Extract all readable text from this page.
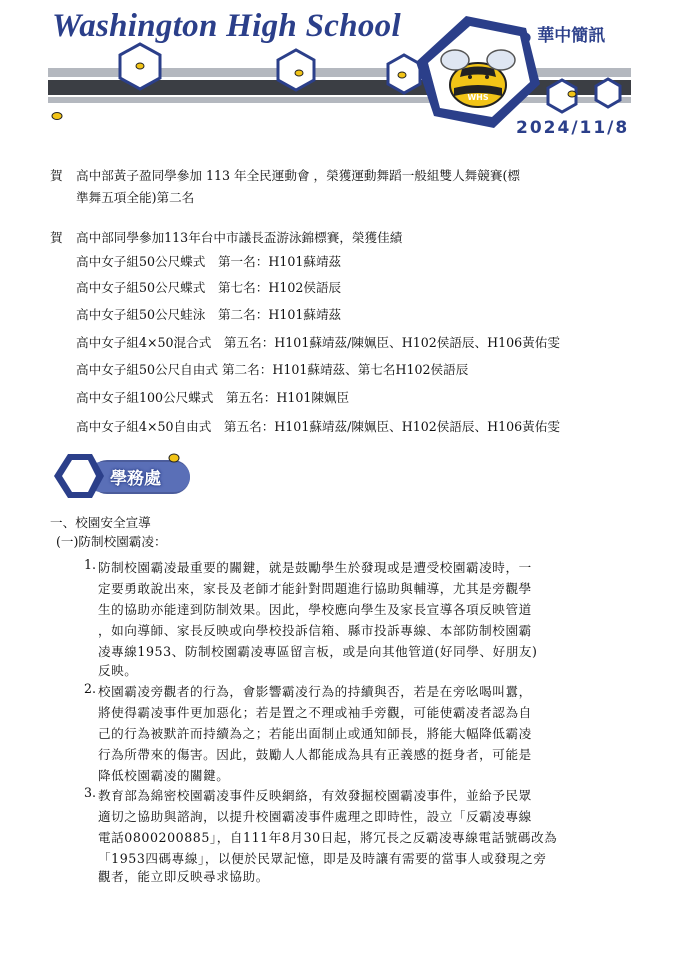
WHS
Washington High School	● 華中簡訊
2024/11/8
賀 高中部黃子盈同學參加 113 年全民運動會 ，榮獲運動舞蹈一般組雙人舞競賽(標
準舞五項全能)第二名
賀 高中部同學參加113年台中市議長盃游泳錦標賽，榮獲佳績
高中女子組50公尺蝶式　第一名：H101蘇靖茲
高中女子組50公尺蝶式　第七名：H102侯語辰
高中女子組50公尺蛙泳　第二名：H101蘇靖茲
高中女子組4×50混合式　第五名：H101蘇靖茲/陳姵臣、H102侯語辰、H106黃佑雯
高中女子組50公尺自由式 第二名：H101蘇靖茲、第七名H102侯語辰
高中女子組100公尺蝶式　第五名：H101陳姵臣
高中女子組4×50自由式　第五名：H101蘇靖茲/陳姵臣、H102侯語辰、H106黃佑雯
學務處
一、校園安全宣導
(一)防制校園霸凌：
1. 防制校園霸凌最重要的關鍵，就是鼓勵學生於發現或是遭受校園霸凌時，一
定要勇敢說出來，家長及老師才能針對問題進行協助與輔導，尤其是旁觀學
生的協助亦能達到防制效果。因此，學校應向學生及家長宣導各項反映管道
，如向導師、家長反映或向學校投訴信箱、縣市投訴專線、本部防制校園霸
凌專線1953、防制校園霸凌專區留言板，或是向其他管道(好同學、好朋友)
反映。
2. 校園霸凌旁觀者的行為，會影響霸凌行為的持續與否，若是在旁吆喝叫囂，
將使得霸凌事件更加惡化；若是置之不理或袖手旁觀，可能使霸凌者認為自
己的行為被默許而持續為之；若能出面制止或通知師長，將能大幅降低霸凌
行為所帶來的傷害。因此，鼓勵人人都能成為具有正義感的挺身者，可能是
降低校園霸凌的關鍵。
3. 教育部為綿密校園霸凌事件反映網絡，有效發掘校園霸凌事件，並給予民眾
適切之協助與諮詢，以提升校園霸凌事件處理之即時性，設立「反霸凌專線
電話0800200885」，自111年8月30日起，將冗長之反霸凌專線電話號碼改為
「1953四碼專線」，以便於民眾記憶，即是及時讓有需要的當事人或發現之旁
觀者，能立即反映尋求協助。
